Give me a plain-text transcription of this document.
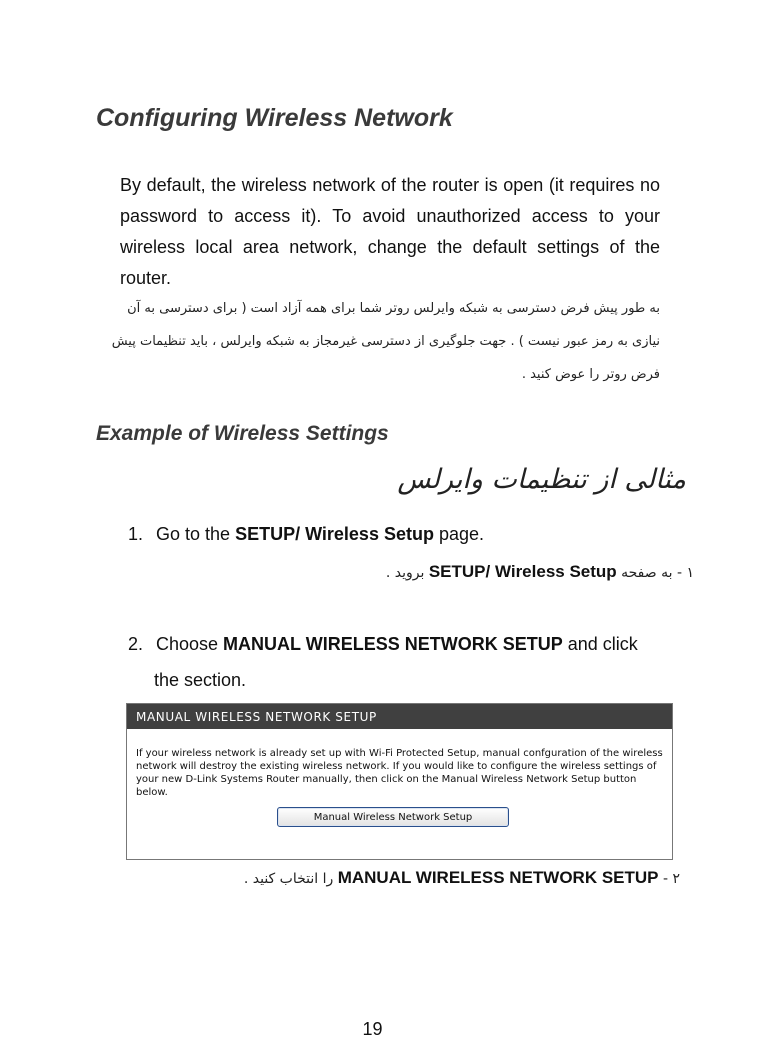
Configuring Wireless Network
By default, the wireless network of the router is open (it requires no password to access it). To avoid unauthorized access to your wireless local area network, change the default settings of the router.
به طور پیش فرض دسترسی به شبکه وایرلس روتر شما برای همه آزاد است ( برای دسترسی به آن نیازی به رمز عبور نیست ) . جهت جلوگیری از دسترسی غیرمجاز به شبکه وایرلس ، باید تنظیمات پیش فرض روتر را عوض کنید .
Example of Wireless Settings
مثالی از تنظیمات وایرلس
1. Go to the SETUP/ Wireless Setup page.
۱ - به صفحه SETUP/ Wireless Setup بروید .
2. Choose MANUAL WIRELESS NETWORK SETUP and click
the section.
MANUAL WIRELESS NETWORK SETUP
If your wireless network is already set up with Wi-Fi Protected Setup, manual confguration of the wireless network will destroy the existing wireless network. If you would like to configure the wireless settings of your new D-Link Systems Router manually, then click on the Manual Wireless Network Setup button below.
Manual Wireless Network Setup
۲ - MANUAL WIRELESS NETWORK SETUP را انتخاب کنید .
19
